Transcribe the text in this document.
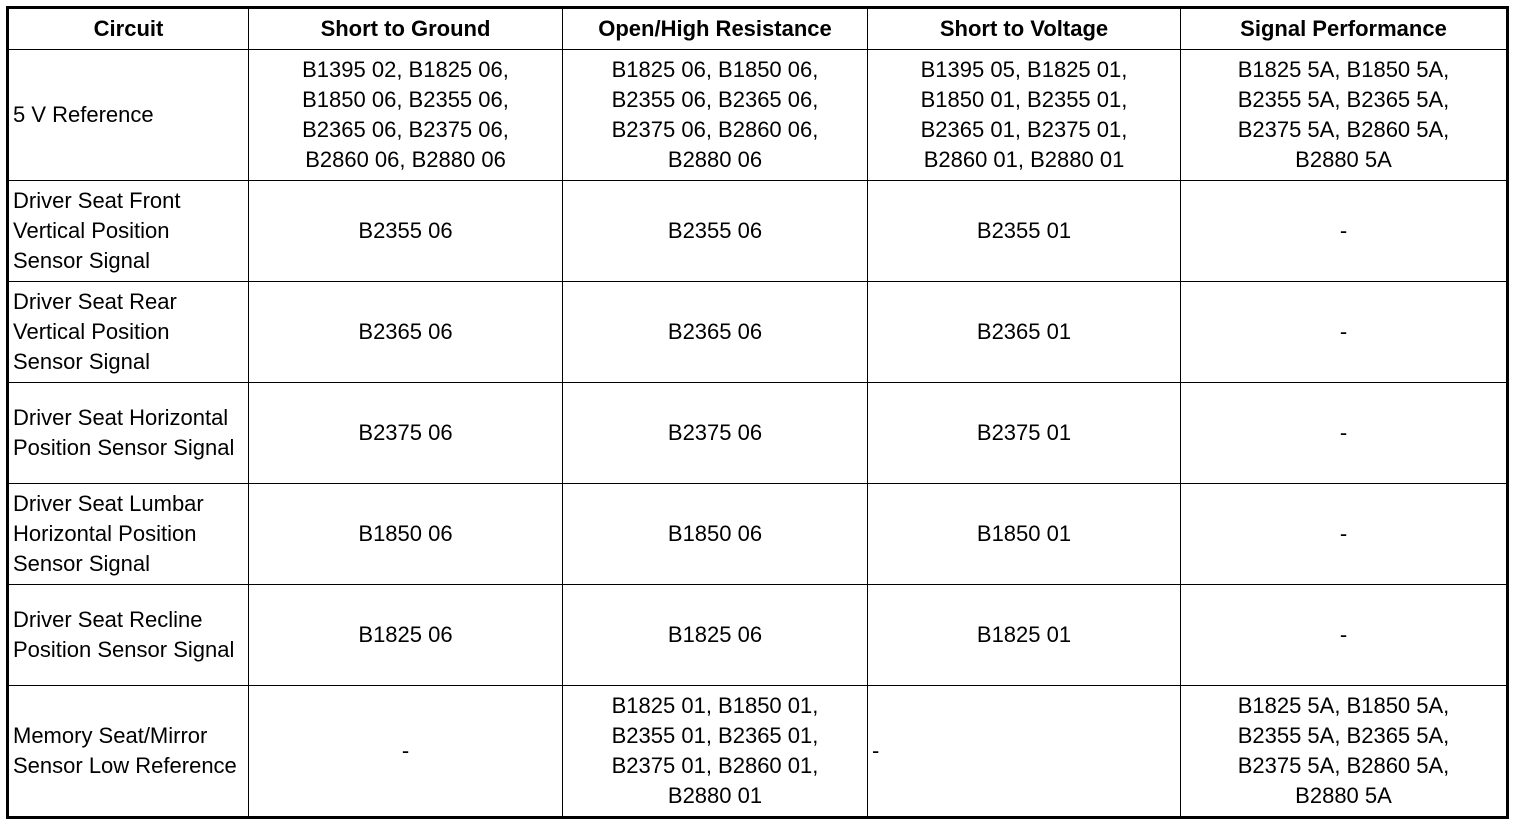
Circuit	Short to Ground	Open/High Resistance	Short to Voltage	Signal Performance
5 V Reference	B1395 02, B1825 06,
B1850 06, B2355 06,
B2365 06, B2375 06,
B2860 06, B2880 06	B1825 06, B1850 06,
B2355 06, B2365 06,
B2375 06, B2860 06,
B2880 06	B1395 05, B1825 01,
B1850 01, B2355 01,
B2365 01, B2375 01,
B2860 01, B2880 01	B1825 5A, B1850 5A,
B2355 5A, B2365 5A,
B2375 5A, B2860 5A,
B2880 5A

Driver Seat Front Vertical Position Sensor Signal	B2355 06	B2355 06	B2355 01	-
Driver Seat Rear Vertical Position Sensor Signal	B2365 06	B2365 06	B2365 01	-
Driver Seat Horizontal Position Sensor Signal	B2375 06	B2375 06	B2375 01	-
Driver Seat Lumbar Horizontal Position Sensor Signal	B1850 06	B1850 06	B1850 01	-
Driver Seat Recline Position Sensor Signal	B1825 06	B1825 06	B1825 01	-
Memory Seat/Mirror Sensor Low Reference	-	B1825 01, B1850 01,
B2355 01, B2365 01,
B2375 01, B2860 01,
B2880 01	-	B1825 5A, B1850 5A,
B2355 5A, B2365 5A,
B2375 5A, B2860 5A,
B2880 5A
